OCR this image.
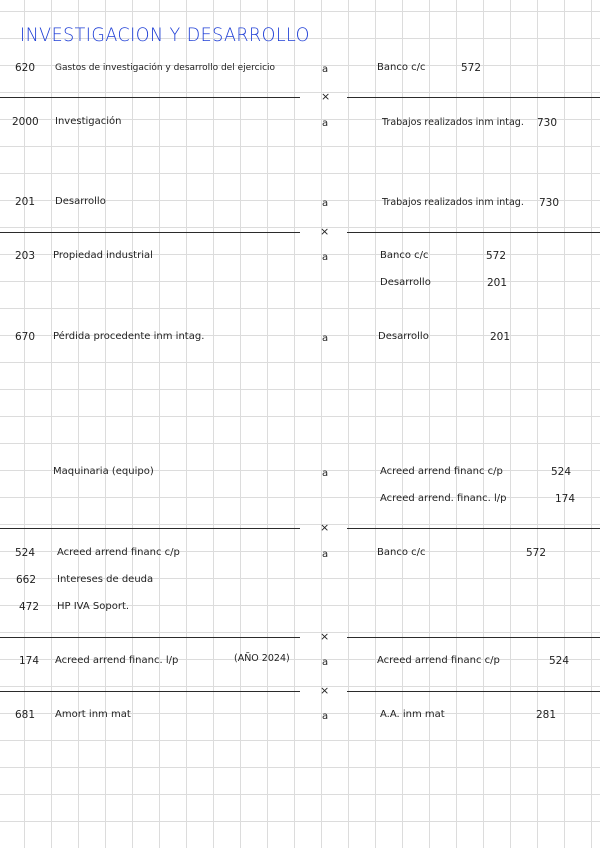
INVESTIGACION Y DESARROLLO
620 Gastos de investigación y desarrollo del ejercicio	a	Banco c/c	572
×
2000 Investigación	a	Trabajos realizados inm intag. 730
201 Desarrollo	a	Trabajos realizados inm intag. 730
×
203 Propiedad industrial	a	Banco c/c	572
Desarrollo	201
670 Pérdida procedente inm intag.	a	Desarrollo	201
Maquinaria (equipo)	a	Acreed arrend financ c/p	524
Acreed arrend. financ. l/p	174
×
524 Acreed arrend financ c/p	a	Banco c/c	572
662 Intereses de deuda
472 HP IVA Soport.
×
174 Acreed arrend financ. l/p	(AÑO 2024)	a	Acreed arrend financ c/p	524
×
681 Amort inm mat	a	A.A. inm mat	281
